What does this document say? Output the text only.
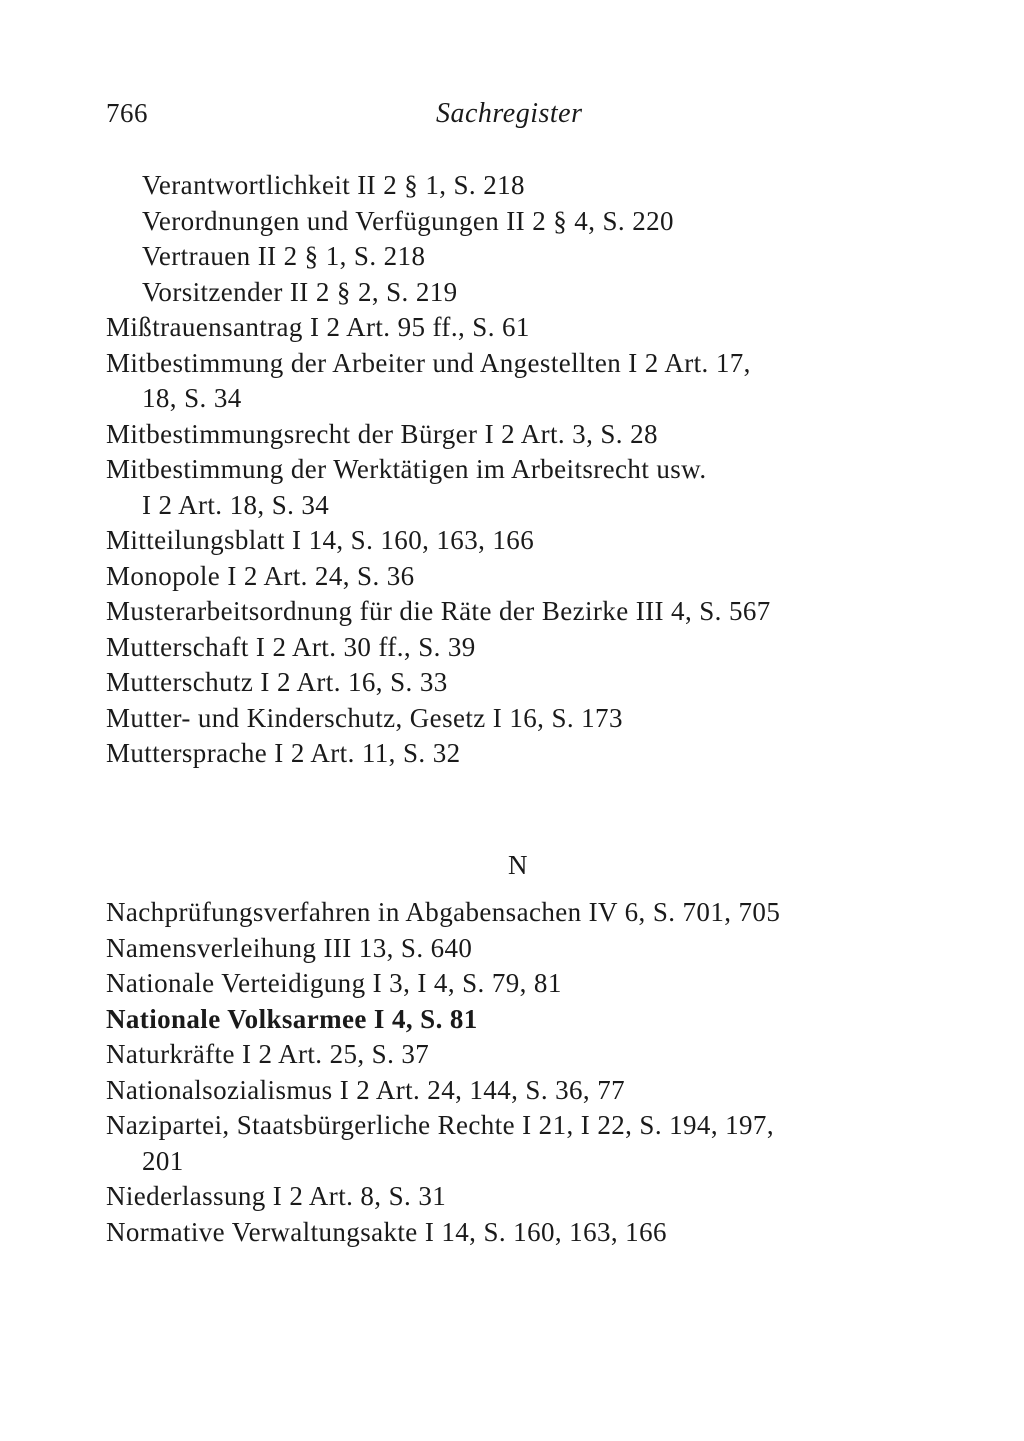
766	Sachregister
Verantwortlichkeit II 2 § 1, S. 218
Verordnungen und Verfügungen II 2 § 4, S. 220
Vertrauen II 2 § 1, S. 218
Vorsitzender II 2 § 2, S. 219
Mißtrauensantrag I 2 Art. 95 ff., S. 61
Mitbestimmung der Arbeiter und Angestellten I 2 Art. 17,
18, S. 34
Mitbestimmungsrecht der Bürger I 2 Art. 3, S. 28
Mitbestimmung der Werktätigen im Arbeitsrecht usw.
I 2 Art. 18, S. 34
Mitteilungsblatt I 14, S. 160, 163, 166
Monopole I 2 Art. 24, S. 36
Musterarbeitsordnung für die Räte der Bezirke III 4, S. 567
Mutterschaft I 2 Art. 30 ff., S. 39
Mutterschutz I 2 Art. 16, S. 33
Mutter- und Kinderschutz, Gesetz I 16, S. 173
Muttersprache I 2 Art. 11, S. 32
N
Nachprüfungsverfahren in Abgabensachen IV 6, S. 701, 705
Namensverleihung III 13, S. 640
Nationale Verteidigung I 3, I 4, S. 79, 81
Nationale Volksarmee I 4, S. 81
Naturkräfte I 2 Art. 25, S. 37
Nationalsozialismus I 2 Art. 24, 144, S. 36, 77
Nazipartei, Staatsbürgerliche Rechte I 21, I 22, S. 194, 197,
201
Niederlassung I 2 Art. 8, S. 31
Normative Verwaltungsakte I 14, S. 160, 163, 166
